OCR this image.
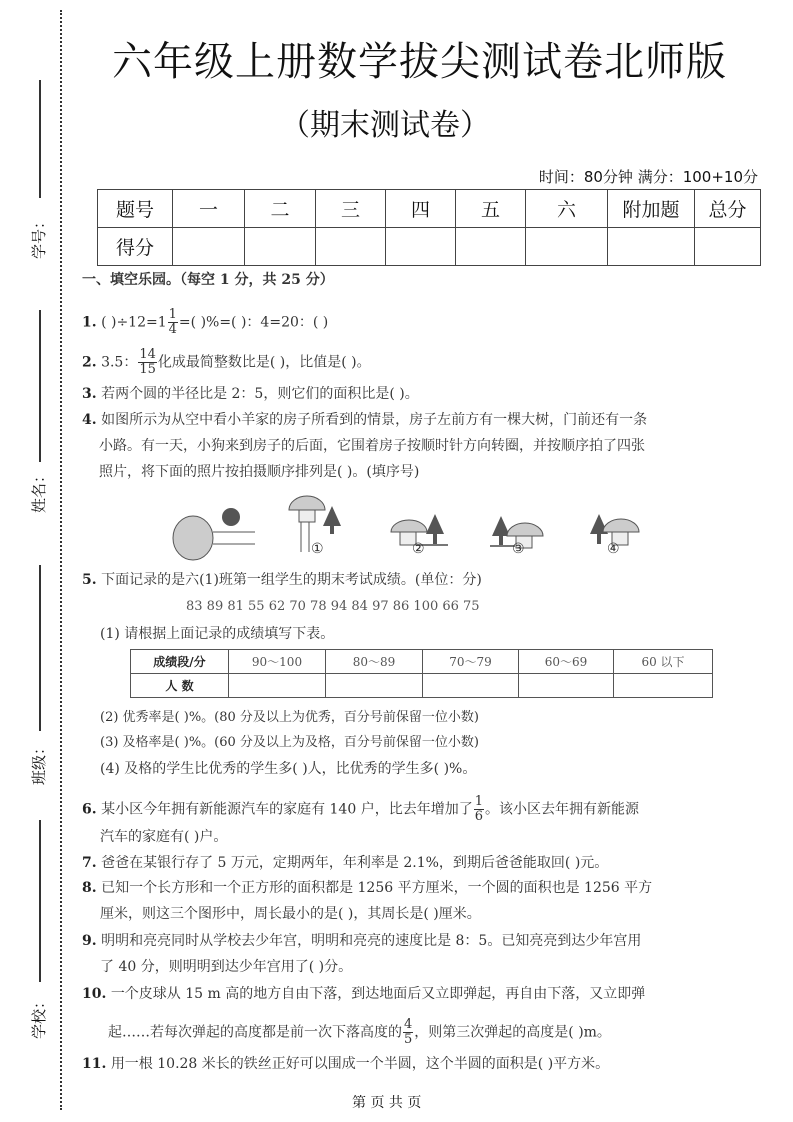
学号：
姓名：
班级：
学校：
六年级上册数学拔尖测试卷北师版
（期末测试卷）
时间：80分钟 满分：100+10分
题号	一	二	三	四	五	六	附加题	总分
得分								
一、填空乐园。（每空 1 分，共 25 分）
1. ( )$\div 12=1 \frac{1}{4}$ =( )%=( )：4=20：( )
2. 3.5： $\frac{14}{15}$ 化成最简整数比是( )，比值是( )。
3. 若两个圆的半径比是 2：5，则它们的面积比是( )。
4. 如图所示为从空中看小羊家的房子所看到的情景，房子左前方有一棵大树，门前还有一条
小路。有一天，小狗来到房子的后面，它围着房子按顺时针方向转圈，并按顺序拍了四张
照片，将下面的照片按拍摄顺序排列是( )。(填序号)
①	②	③	④
5. 下面记录的是六(1)班第一组学生的期末考试成绩。(单位：分)
83 89 81 55 62 70 78 94 84 97 86 100 66 75
(1) 请根据上面记录的成绩填写下表。
成绩段/分	90～100	80～89	70～79	60～69	60 以下
人 数					
(2) 优秀率是( )%。(80 分及以上为优秀，百分号前保留一位小数)
(3) 及格率是( )%。(60 分及以上为及格，百分号前保留一位小数)
(4) 及格的学生比优秀的学生多( )人，比优秀的学生多( )%。
6. 某小区今年拥有新能源汽车的家庭有 140 户，比去年增加了 $\frac{1}{6}$ 。该小区去年拥有新能源
汽车的家庭有( )户。
7. 爸爸在某银行存了 5 万元，定期两年，年利率是 2.1%，到期后爸爸能取回( )元。
8. 已知一个长方形和一个正方形的面积都是 1256 平方厘米，一个圆的面积也是 1256 平方
厘米，则这三个图形中，周长最小的是( )，其周长是( )厘米。
9. 明明和亮亮同时从学校去少年宫，明明和亮亮的速度比是 8：5。已知亮亮到达少年宫用
了 40 分，则明明到达少年宫用了( )分。
10. 一个皮球从 15 m 高的地方自由下落，到达地面后又立即弹起，再自由下落，又立即弹
起……若每次弹起的高度都是前一次下落高度的 $\frac{4}{5}$ ，则第三次弹起的高度是( )m。
11. 用一根 10.28 米长的铁丝正好可以围成一个半圆，这个半圆的面积是( )平方米。
第 页 共 页
